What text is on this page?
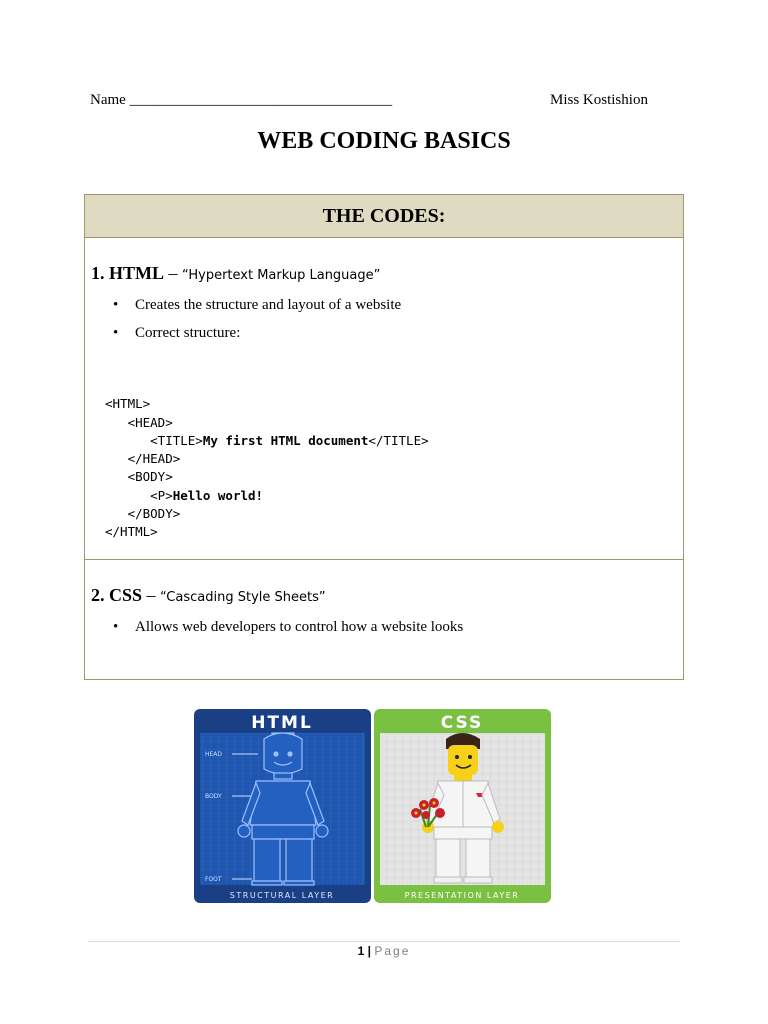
Name ___________________________________	Miss Kostishion
WEB CODING BASICS
THE CODES:
1. HTML – “Hypertext Markup Language”
• Creates the structure and layout of a website
• Correct structure:

<HTML>
<HEAD>
<TITLE>My first HTML document</TITLE>
</HEAD>
<BODY>
<P>Hello world!
</BODY>
</HTML>

2. CSS – “Cascading Style Sheets”
• Allows web developers to control how a website looks
HTML
STRUCTURAL LAYER
HEAD
BODY
FOOT
CSS
PRESENTATION LAYER
1 | Page
